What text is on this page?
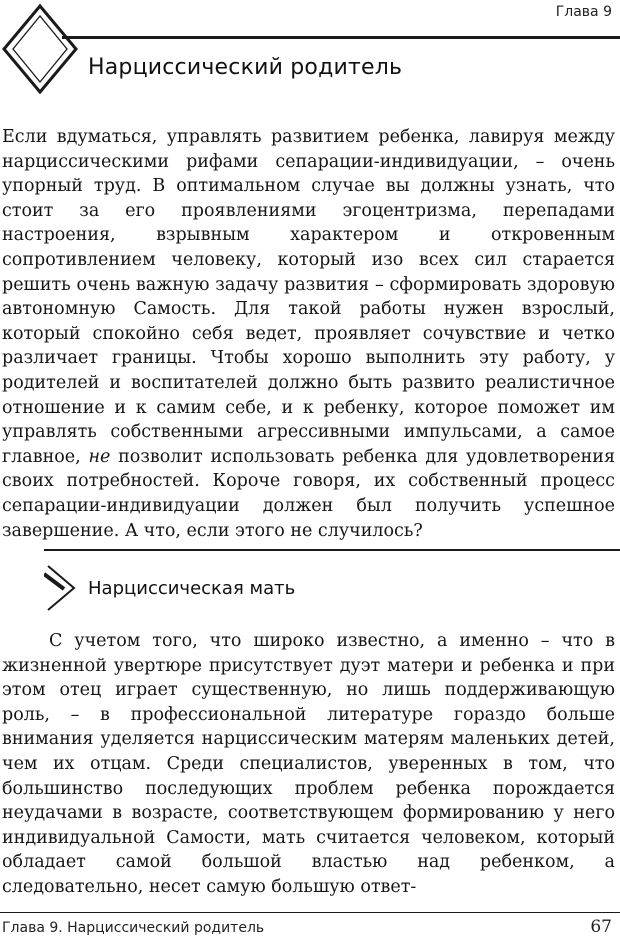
Глава 9
Нарциссический родитель

Если вдуматься, управлять развитием ребенка, лавируя между нарциссическими рифами сепарации-индивидуации, – очень упорный труд. В оптимальном случае вы должны узнать, что стоит за его проявлениями эгоцентризма, перепадами настроения, взрывным характером и откровенным сопротивлением человеку, который изо всех сил старается решить очень важную задачу развития – сформировать здоровую автономную Самость. Для такой работы нужен взрослый, который спокойно себя ведет, проявляет сочувствие и четко различает границы. Чтобы хорошо выполнить эту работу, у родителей и воспитателей должно быть развито реалистичное отношение и к самим себе, и к ребенку, которое поможет им управлять собственными агрессивными импульсами, а самое главное, не позволит использовать ребенка для удовлетворения своих потребностей. Короче говоря, их собственный процесс сепарации-индивидуации должен был получить успешное завершение. А что, если этого не случилось?

Нарциссическая мать

С учетом того, что широко известно, а именно – что в жизненной увертюре присутствует дуэт матери и ребенка и при этом отец играет существенную, но лишь поддерживающую роль, – в профессиональной литературе гораздо больше внимания уделяется нарциссическим матерям маленьких детей, чем их отцам. Среди специалистов, уверенных в том, что большинство последующих проблем ребенка порождается неудачами в возрасте, соответствующем формированию у него индивидуальной Самости, мать считается человеком, который обладает самой большой властью над ребенком, а следовательно, несет самую большую ответ-

Глава 9. Нарциссический родитель	67
